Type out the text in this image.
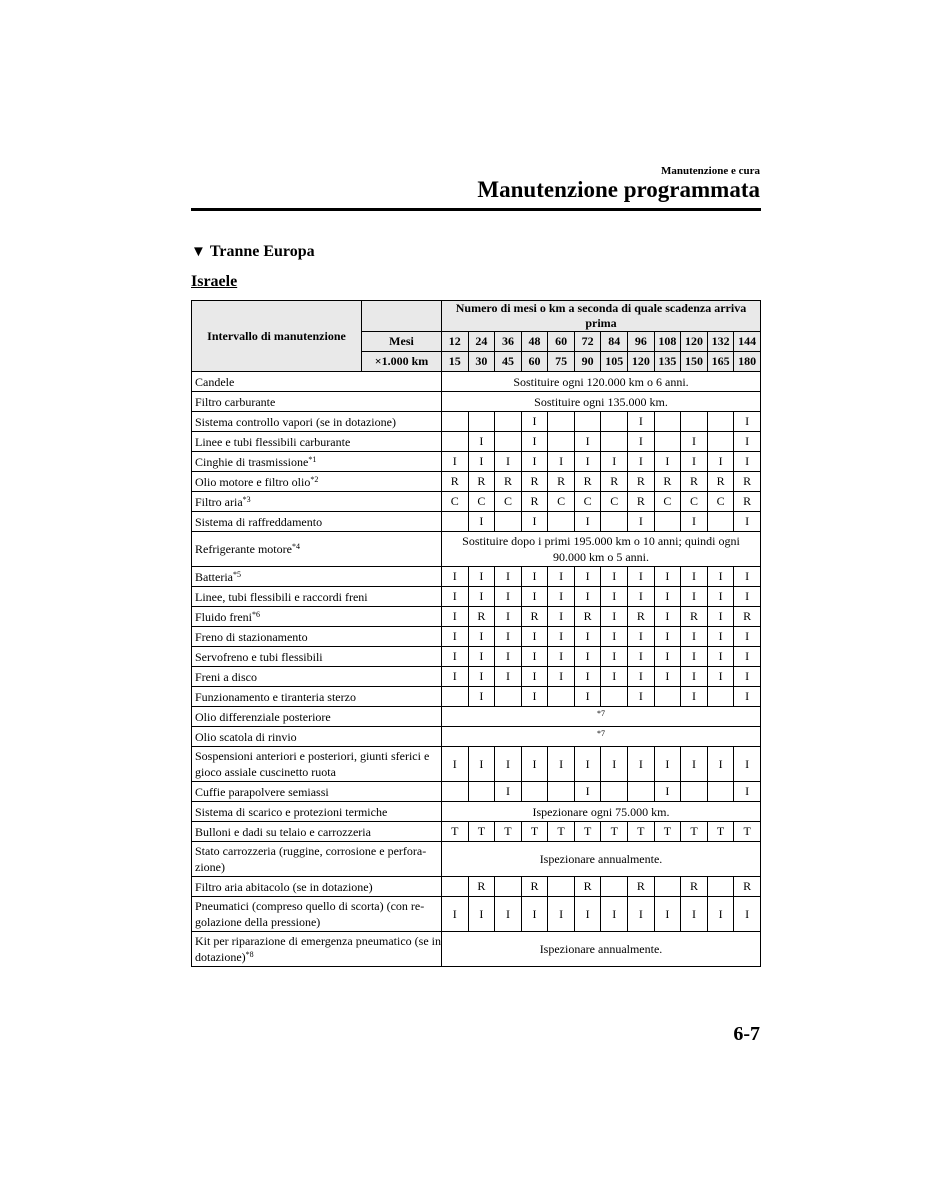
Manutenzione e cura
Manutenzione programmata
▼ Tranne Europa
Israele
Intervallo di manutenzione		Numero di mesi o km a seconda di quale scadenza arriva prima											
	Mesi	12	24	36	48	60	72	84	96	108	120	132	144
	×1.000 km	15	30	45	60	75	90	105	120	135	150	165	180
Candele		Sostituire ogni 120.000 km o 6 anni.											
Filtro carburante		Sostituire ogni 135.000 km.											
Sistema controllo vapori (se in dotazione)					I				I				I
Linee e tubi flessibili carburante			I		I		I		I		I		I
Cinghie di trasmissione$^{*1}$		I	I	I	I	I	I	I	I	I	I	I	I
Olio motore e filtro olio$^{*2}$		R	R	R	R	R	R	R	R	R	R	R	R
Filtro aria$^{*3}$		C	C	C	R	C	C	C	R	C	C	C	R
Sistema di raffreddamento			I		I		I		I		I		I
Refrigerante motore$^{*4}$		Sostituire dopo i primi 195.000 km o 10 anni; quindi ogni 90.000 km o 5 anni.											
Batteria$^{*5}$		I	I	I	I	I	I	I	I	I	I	I	I
Linee, tubi flessibili e raccordi freni		I	I	I	I	I	I	I	I	I	I	I	I
Fluido freni$^{*6}$		I	R	I	R	I	R	I	R	I	R	I	R
Freno di stazionamento		I	I	I	I	I	I	I	I	I	I	I	I
Servofreno e tubi flessibili		I	I	I	I	I	I	I	I	I	I	I	I
Freni a disco		I	I	I	I	I	I	I	I	I	I	I	I
Funzionamento e tiranteria sterzo			I		I		I		I		I		I
Olio differenziale posteriore		$^{*7}$
Olio scatola di rinvio		$^{*7}$
Sospensioni anteriori e posteriori, giunti sferici e gioco assiale cuscinetto ruota		I	I	I	I	I	I	I	I	I	I	I	I
Cuffie parapolvere semiassi				I			I			I			I
Sistema di scarico e protezioni termiche		Ispezionare ogni 75.000 km.											
Bulloni e dadi su telaio e carrozzeria		T	T	T	T	T	T	T	T	T	T	T	T
Stato carrozzeria (ruggine, corrosione e perfora-zione)		Ispezionare annualmente.											
Filtro aria abitacolo (se in dotazione)			R		R		R		R		R		R
Pneumatici (compreso quello di scorta) (con re-golazione della pressione)		I	I	I	I	I	I	I	I	I	I	I	I
Kit per riparazione di emergenza pneumatico (se in dotazione)$^{*8}$		Ispezionare annualmente.											
6-7
